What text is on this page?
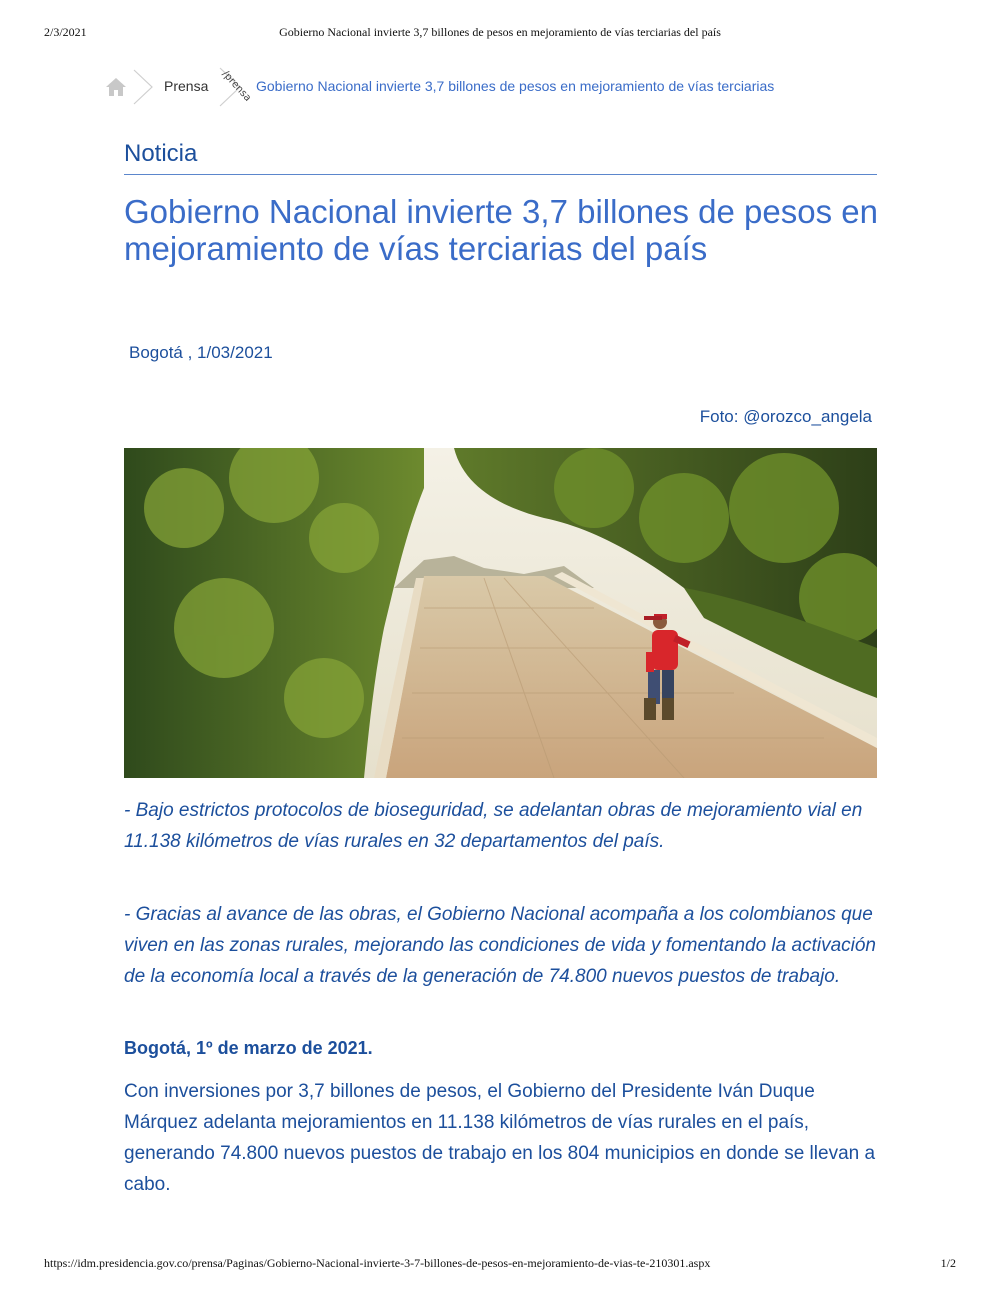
2/3/2021	Gobierno Nacional invierte 3,7 billones de pesos en mejoramiento de vías terciarias del país
Prensa /prensa Gobierno Nacional invierte 3,7 billones de pesos en mejoramiento de vías terciarias
Noticia
Gobierno Nacional invierte 3,7 billones de pesos en mejoramiento de vías terciarias del país
Bogotá , 1/03/2021
Foto: @orozco_angela

- Bajo estrictos protocolos de bioseguridad, se adelantan obras de mejoramiento vial en 11.138 kilómetros de vías rurales en 32 departamentos del país.

- Gracias al avance de las obras, el Gobierno Nacional acompaña a los colombianos que viven en las zonas rurales, mejorando las condiciones de vida y fomentando la activación de la economía local a través de la generación de 74.800 nuevos puestos de trabajo.

Bogotá, 1º de marzo de 2021.

Con inversiones por 3,7 billones de pesos, el Gobierno del Presidente Iván Duque Márquez adelanta mejoramientos en 11.138 kilómetros de vías rurales en el país, generando 74.800 nuevos puestos de trabajo en los 804 municipios en donde se llevan a cabo.

https://idm.presidencia.gov.co/prensa/Paginas/Gobierno-Nacional-invierte-3-7-billones-de-pesos-en-mejoramiento-de-vias-te-210301.aspx	1/2
